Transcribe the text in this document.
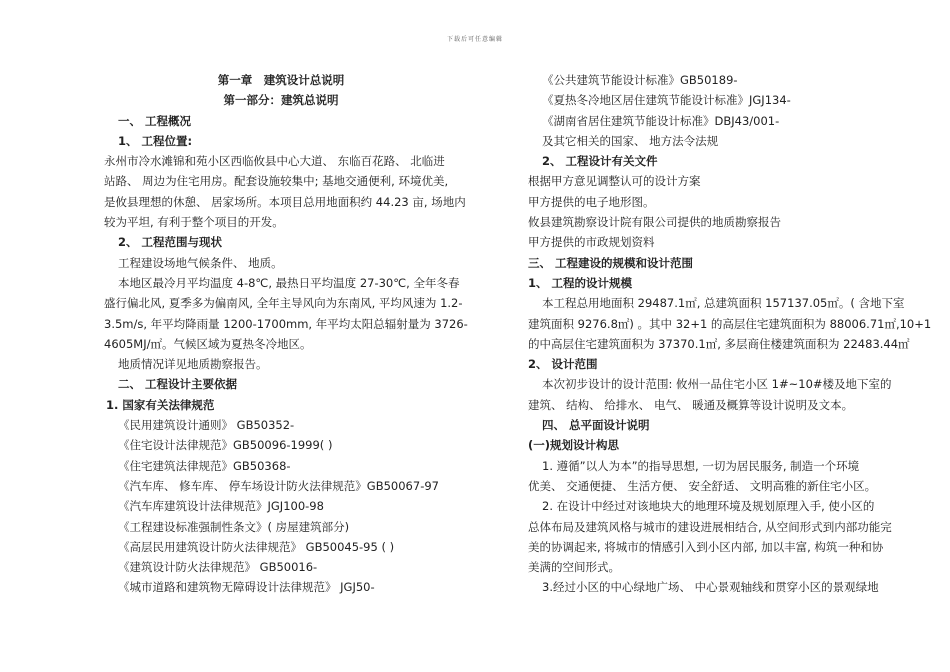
下载后可任意编辑
第一章　建筑设计总说明
第一部分：建筑总说明
一、 工程概况
1、 工程位置:
永州市冷水滩锦和苑小区西临攸县中心大道、 东临百花路、 北临进
站路、 周边为住宅用房。配套设施较集中; 基地交通便利, 环境优美,
是攸县理想的休憩、 居家场所。本项目总用地面积约 44.23 亩, 场地内
较为平坦, 有利于整个项目的开发。
2、 工程范围与现状
工程建设场地气候条件、 地质。
本地区最冷月平均温度 4-8℃, 最热日平均温度 27-30℃, 全年冬春
盛行偏北风, 夏季多为偏南风, 全年主导风向为东南风, 平均风速为 1.2-
3.5m/s, 年平均降雨量 1200-1700mm, 年平均太阳总辐射量为 3726-
4605MJ/㎡。气候区域为夏热冬冷地区。
地质情况详见地质勘察报告。
二、 工程设计主要依据
1. 国家有关法律规范
《民用建筑设计通则》 GB50352-
《住宅设计法律规范》GB50096-1999( )
《住宅建筑法律规范》GB50368-
《汽车库、 修车库、 停车场设计防火法律规范》GB50067-97
《汽车库建筑设计法律规范》JGJ100-98
《工程建设标准强制性条文》( 房屋建筑部分)
《高层民用建筑设计防火法律规范》 GB50045-95 ( )
《建筑设计防火法律规范》 GB50016-
《城市道路和建筑物无障碍设计法律规范》 JGJ50-
《公共建筑节能设计标准》GB50189-
《夏热冬冷地区居住建筑节能设计标准》JGJ134-
《湖南省居住建筑节能设计标准》DBJ43/001-
及其它相关的国家、 地方法令法规
2、 工程设计有关文件
根据甲方意见调整认可的设计方案
甲方提供的电子地形图。
攸县建筑勘察设计院有限公司提供的地质勘察报告
甲方提供的市政规划资料
三、 工程建设的规模和设计范围
1、 工程的设计规模
本工程总用地面积 29487.1㎡, 总建筑面积 157137.05㎡。( 含地下室
建筑面积 9276.8㎡) 。其中 32+1 的高层住宅建筑面积为 88006.71㎡,10+1
的中高层住宅建筑面积为 37370.1㎡, 多层商住楼建筑面积为 22483.44㎡
2、 设计范围
本次初步设计的设计范围: 攸州一品住宅小区 1#~10#楼及地下室的
建筑、 结构、 给排水、 电气、 暖通及概算等设计说明及文本。
四、 总平面设计说明
(一)规划设计构思
1. 遵循”以人为本”的指导思想, 一切为居民服务, 制造一个环境
优美、 交通便捷、 生活方便、 安全舒适、 文明高雅的新住宅小区。
2. 在设计中经过对该地块大的地理环境及规划原理入手, 使小区的
总体布局及建筑风格与城市的建设进展相结合, 从空间形式到内部功能完
美的协调起来, 将城市的情感引入到小区内部, 加以丰富, 构筑一种和协
美满的空间形式。
3.经过小区的中心绿地广场、 中心景观轴线和贯穿小区的景观绿地
